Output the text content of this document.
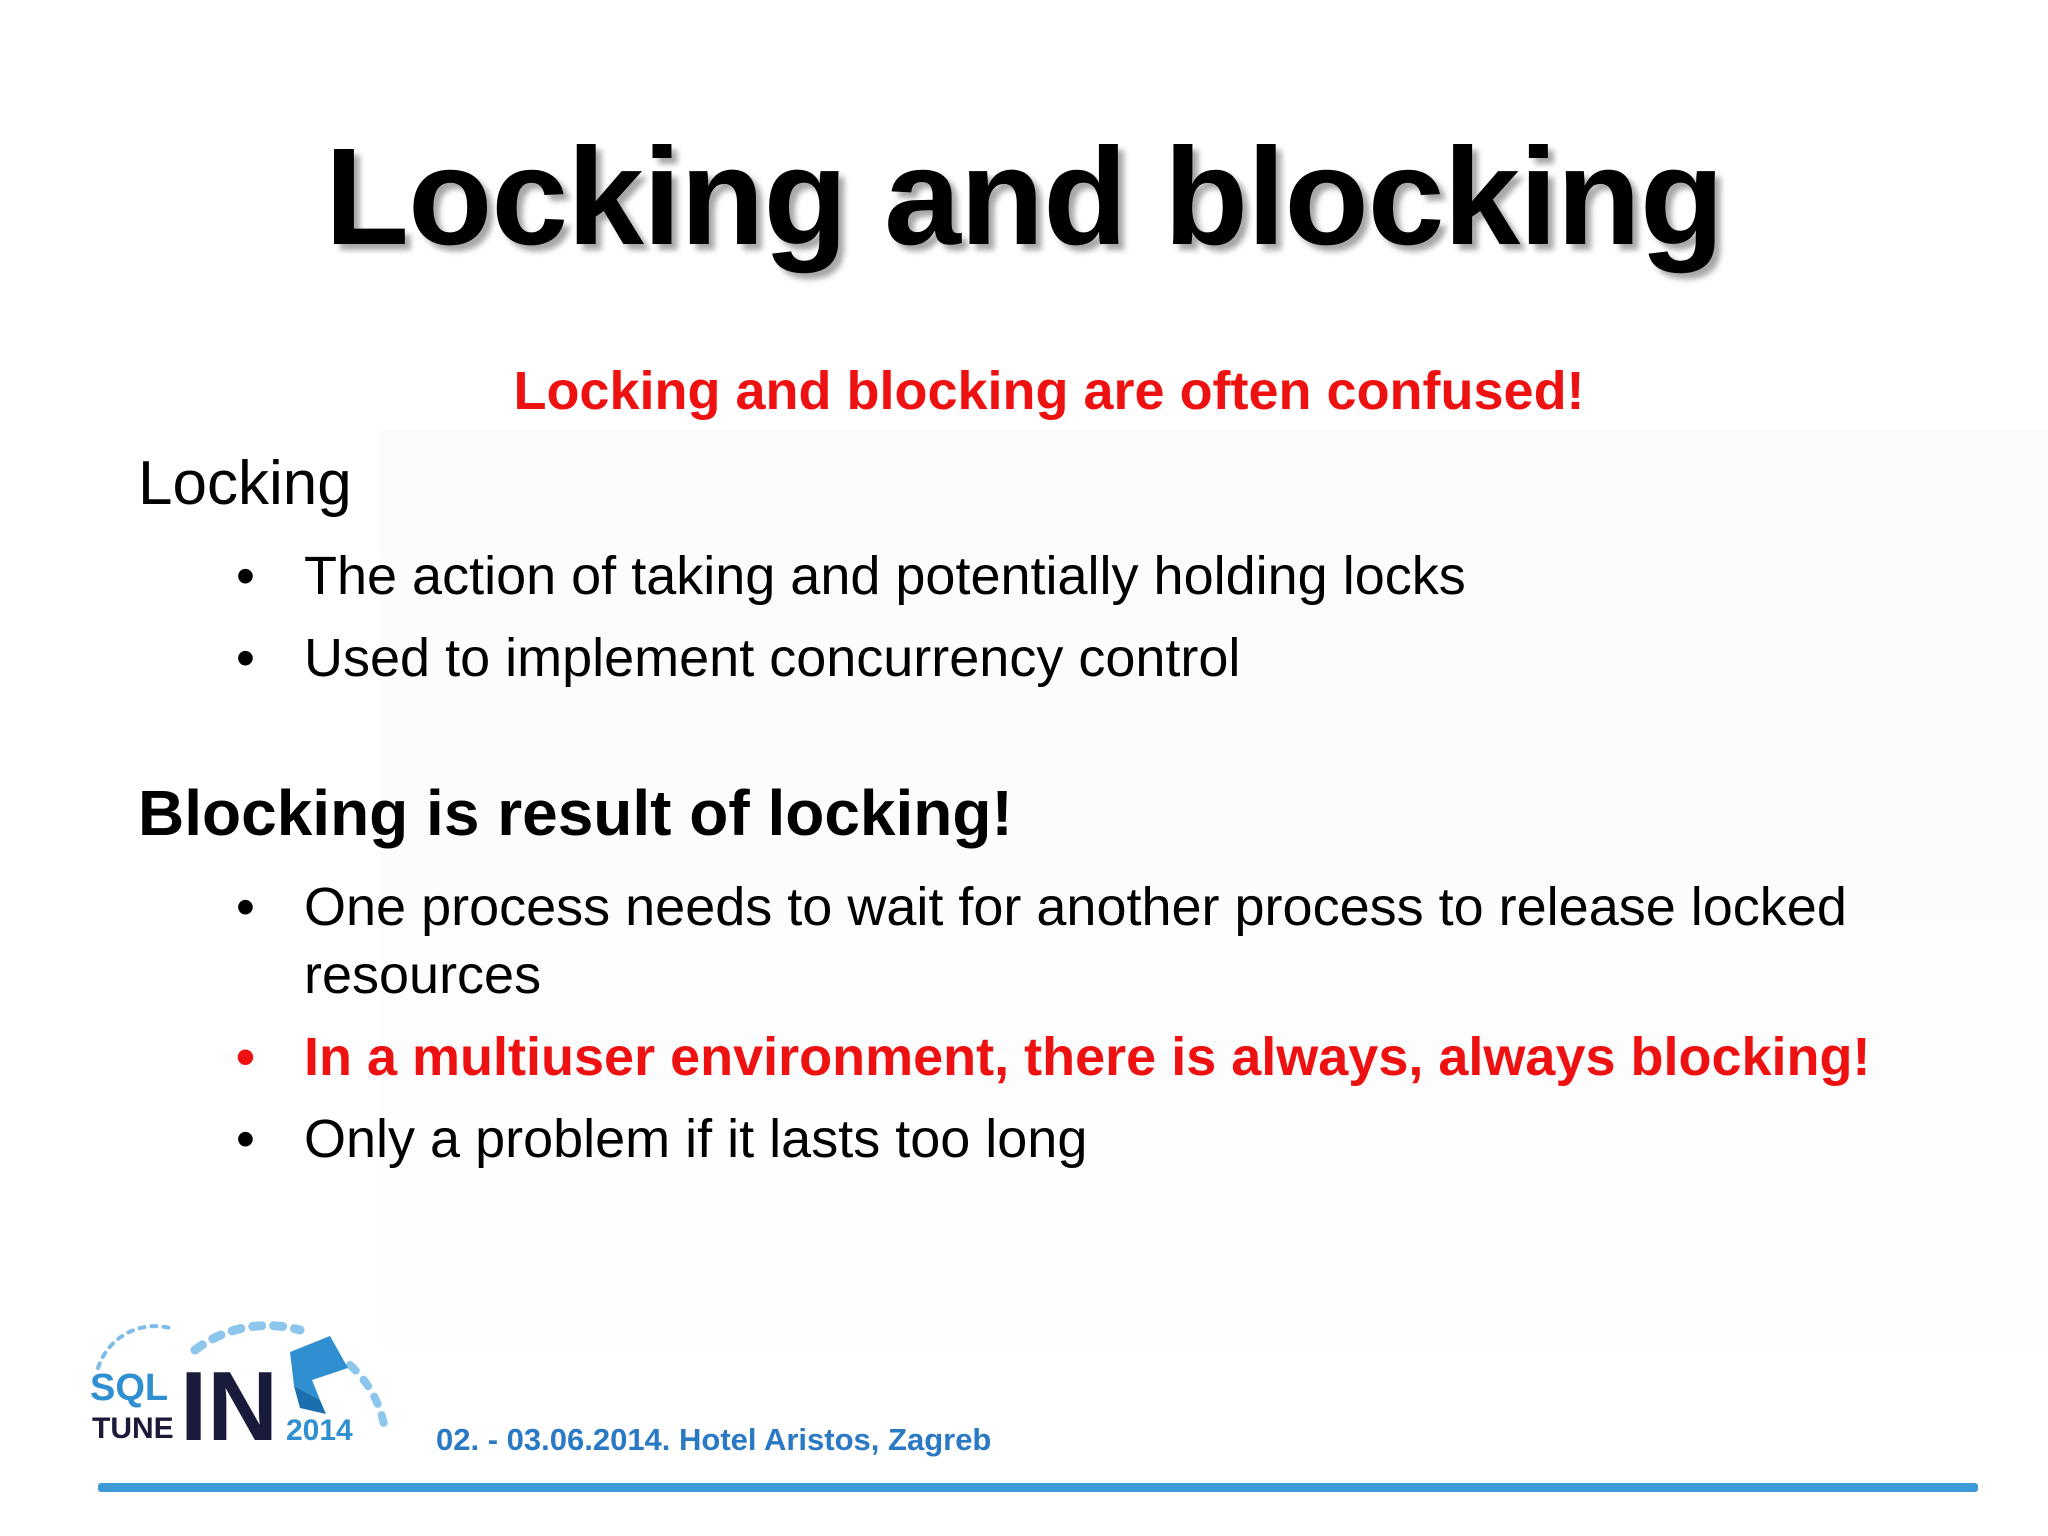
Locking and blocking
Locking and blocking are often confused!
Locking
• The action of taking and potentially holding locks
• Used to implement concurrency control
Blocking is result of locking!
• One process needs to wait for another process to release locked resources
• In a multiuser environment, there is always, always blocking!
• Only a problem if it lasts too long
SQL
TUNE IN 2014	02. - 03.06.2014. Hotel Aristos, Zagreb
